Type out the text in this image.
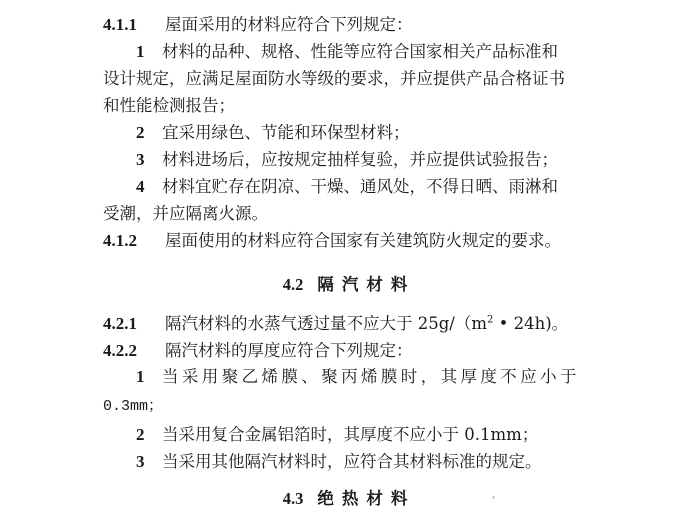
4.1.1 屋面采用的材料应符合下列规定：
1 材料的品种、规格、性能等应符合国家相关产品标准和
设计规定，应满足屋面防水等级的要求，并应提供产品合格证书
和性能检测报告；
2 宜采用绿色、节能和环保型材料；
3 材料进场后，应按规定抽样复验，并应提供试验报告；
4 材料宜贮存在阴凉、干燥、通风处，不得日晒、雨淋和
受潮，并应隔离火源。
4.1.2 屋面使用的材料应符合国家有关建筑防火规定的要求。
4.2 隔汽材料
4.2.1 隔汽材料的水蒸气透过量不应大于 $25g/(m^2$ • 24h)。
4.2.2 隔汽材料的厚度应符合下列规定：
1 当采用聚乙烯膜、聚丙烯膜时，其厚度不应小于
0.3mm；
2 当采用复合金属铝箔时，其厚度不应小于 0.1mm；
3 当采用其他隔汽材料时，应符合其材料标准的规定。
4.3 绝热材料
